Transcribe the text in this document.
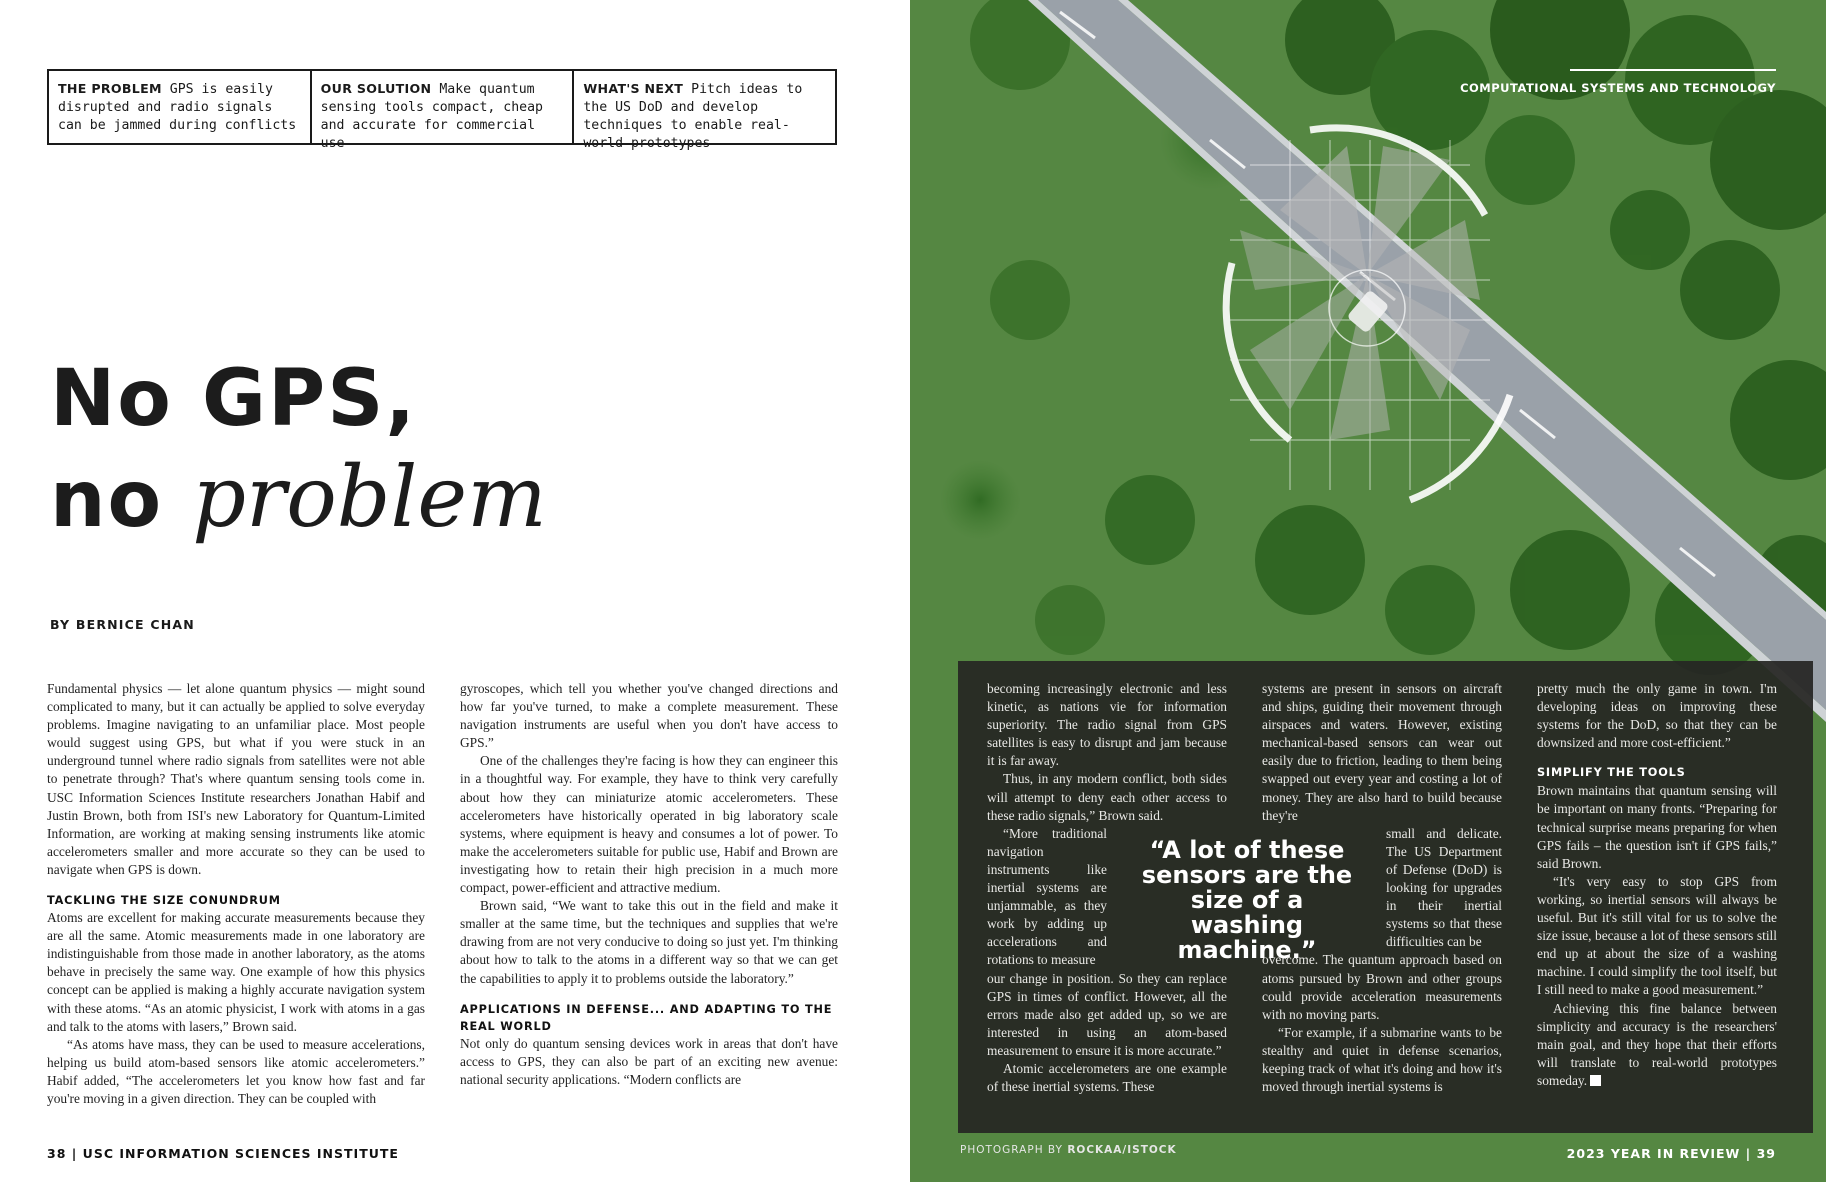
THE PROBLEM GPS is easily disrupted and radio signals can be jammed during conflicts
OUR SOLUTION Make quantum sensing tools compact, cheap and accurate for commercial use
WHAT'S NEXT Pitch ideas to the US DoD and develop techniques to enable real-world prototypes
No GPS,
no problem
BY BERNICE CHAN

Fundamental physics — let alone quantum physics — might sound complicated to many, but it can actually be applied to solve everyday problems. Imagine navigating to an unfamiliar place. Most people would suggest using GPS, but what if you were stuck in an underground tunnel where radio signals from satellites were not able to penetrate through? That's where quantum sensing tools come in. USC Information Sciences Institute researchers Jonathan Habif and Justin Brown, both from ISI's new Laboratory for Quantum-Limited Information, are working at making sensing instruments like atomic accelerometers smaller and more accurate so they can be used to navigate when GPS is down.

TACKLING THE SIZE CONUNDRUM

Atoms are excellent for making accurate measurements because they are all the same. Atomic measurements made in one laboratory are indistinguishable from those made in another laboratory, as the atoms behave in precisely the same way. One example of how this physics concept can be applied is making a highly accurate navigation system with these atoms. “As an atomic physicist, I work with atoms in a gas and talk to the atoms with lasers,” Brown said.

“As atoms have mass, they can be used to measure accelerations, helping us build atom-based sensors like atomic accelerometers.” Habif added, “The accelerometers let you know how fast and far you're moving in a given direction. They can be coupled with

gyroscopes, which tell you whether you've changed directions and how far you've turned, to make a complete measurement. These navigation instruments are useful when you don't have access to GPS.”

One of the challenges they're facing is how they can engineer this in a thoughtful way. For example, they have to think very carefully about how they can miniaturize atomic accelerometers. These accelerometers have historically operated in big laboratory scale systems, where equipment is heavy and consumes a lot of power. To make the accelerometers suitable for public use, Habif and Brown are investigating how to retain their high precision in a much more compact, power-efficient and attractive medium.

Brown said, “We want to take this out in the field and make it smaller at the same time, but the techniques and supplies that we're drawing from are not very conducive to doing so just yet. I'm thinking about how to talk to the atoms in a different way so that we can get the capabilities to apply it to problems outside the laboratory.”

APPLICATIONS IN DEFENSE... AND ADAPTING TO THE REAL WORLD

Not only do quantum sensing devices work in areas that don't have access to GPS, they can also be part of an exciting new avenue: national security applications. “Modern conflicts are

38 | USC INFORMATION SCIENCES INSTITUTE
COMPUTATIONAL SYSTEMS AND TECHNOLOGY

becoming increasingly electronic and less kinetic, as nations vie for information superiority. The radio signal from GPS satellites is easy to disrupt and jam because it is far away.

Thus, in any modern conflict, both sides will attempt to deny each other access to these radio signals,” Brown said.

“More traditional navigation instruments like inertial systems are unjammable, as they work by adding up accelerations and rotations to measure

our change in position. So they can replace GPS in times of conflict. However, all the errors made also get added up, so we are interested in using an atom-based measurement to ensure it is more accurate.”

Atomic accelerometers are one example of these inertial systems. These

systems are present in sensors on aircraft and ships, guiding their movement through airspaces and waters. However, existing mechanical-based sensors can wear out easily due to friction, leading to them being swapped out every year and costing a lot of money. They are also hard to build because they're

small and delicate. The US Department of Defense (DoD) is looking for upgrades in their inertial systems so that these difficulties can be

overcome. The quantum approach based on atoms pursued by Brown and other groups could provide acceleration measurements with no moving parts.

“For example, if a submarine wants to be stealthy and quiet in defense scenarios, keeping track of what it's doing and how it's moved through inertial systems is

pretty much the only game in town. I'm developing ideas on improving these systems for the DoD, so that they can be downsized and more cost-efficient.”

SIMPLIFY THE TOOLS

Brown maintains that quantum sensing will be important on many fronts. “Preparing for technical surprise means preparing for when GPS fails – the question isn't if GPS fails,” said Brown.

“It's very easy to stop GPS from working, so inertial sensors will always be useful. But it's still vital for us to solve the size issue, because a lot of these sensors still end up at about the size of a washing machine. I could simplify the tool itself, but I still need to make a good measurement.”

Achieving this fine balance between simplicity and accuracy is the researchers' main goal, and they hope that their efforts will translate to real-world prototypes someday.

“A lot of these sensors are the size of a washing machine.”
PHOTOGRAPH BY ROCKAA/ISTOCK	2023 YEAR IN REVIEW | 39
